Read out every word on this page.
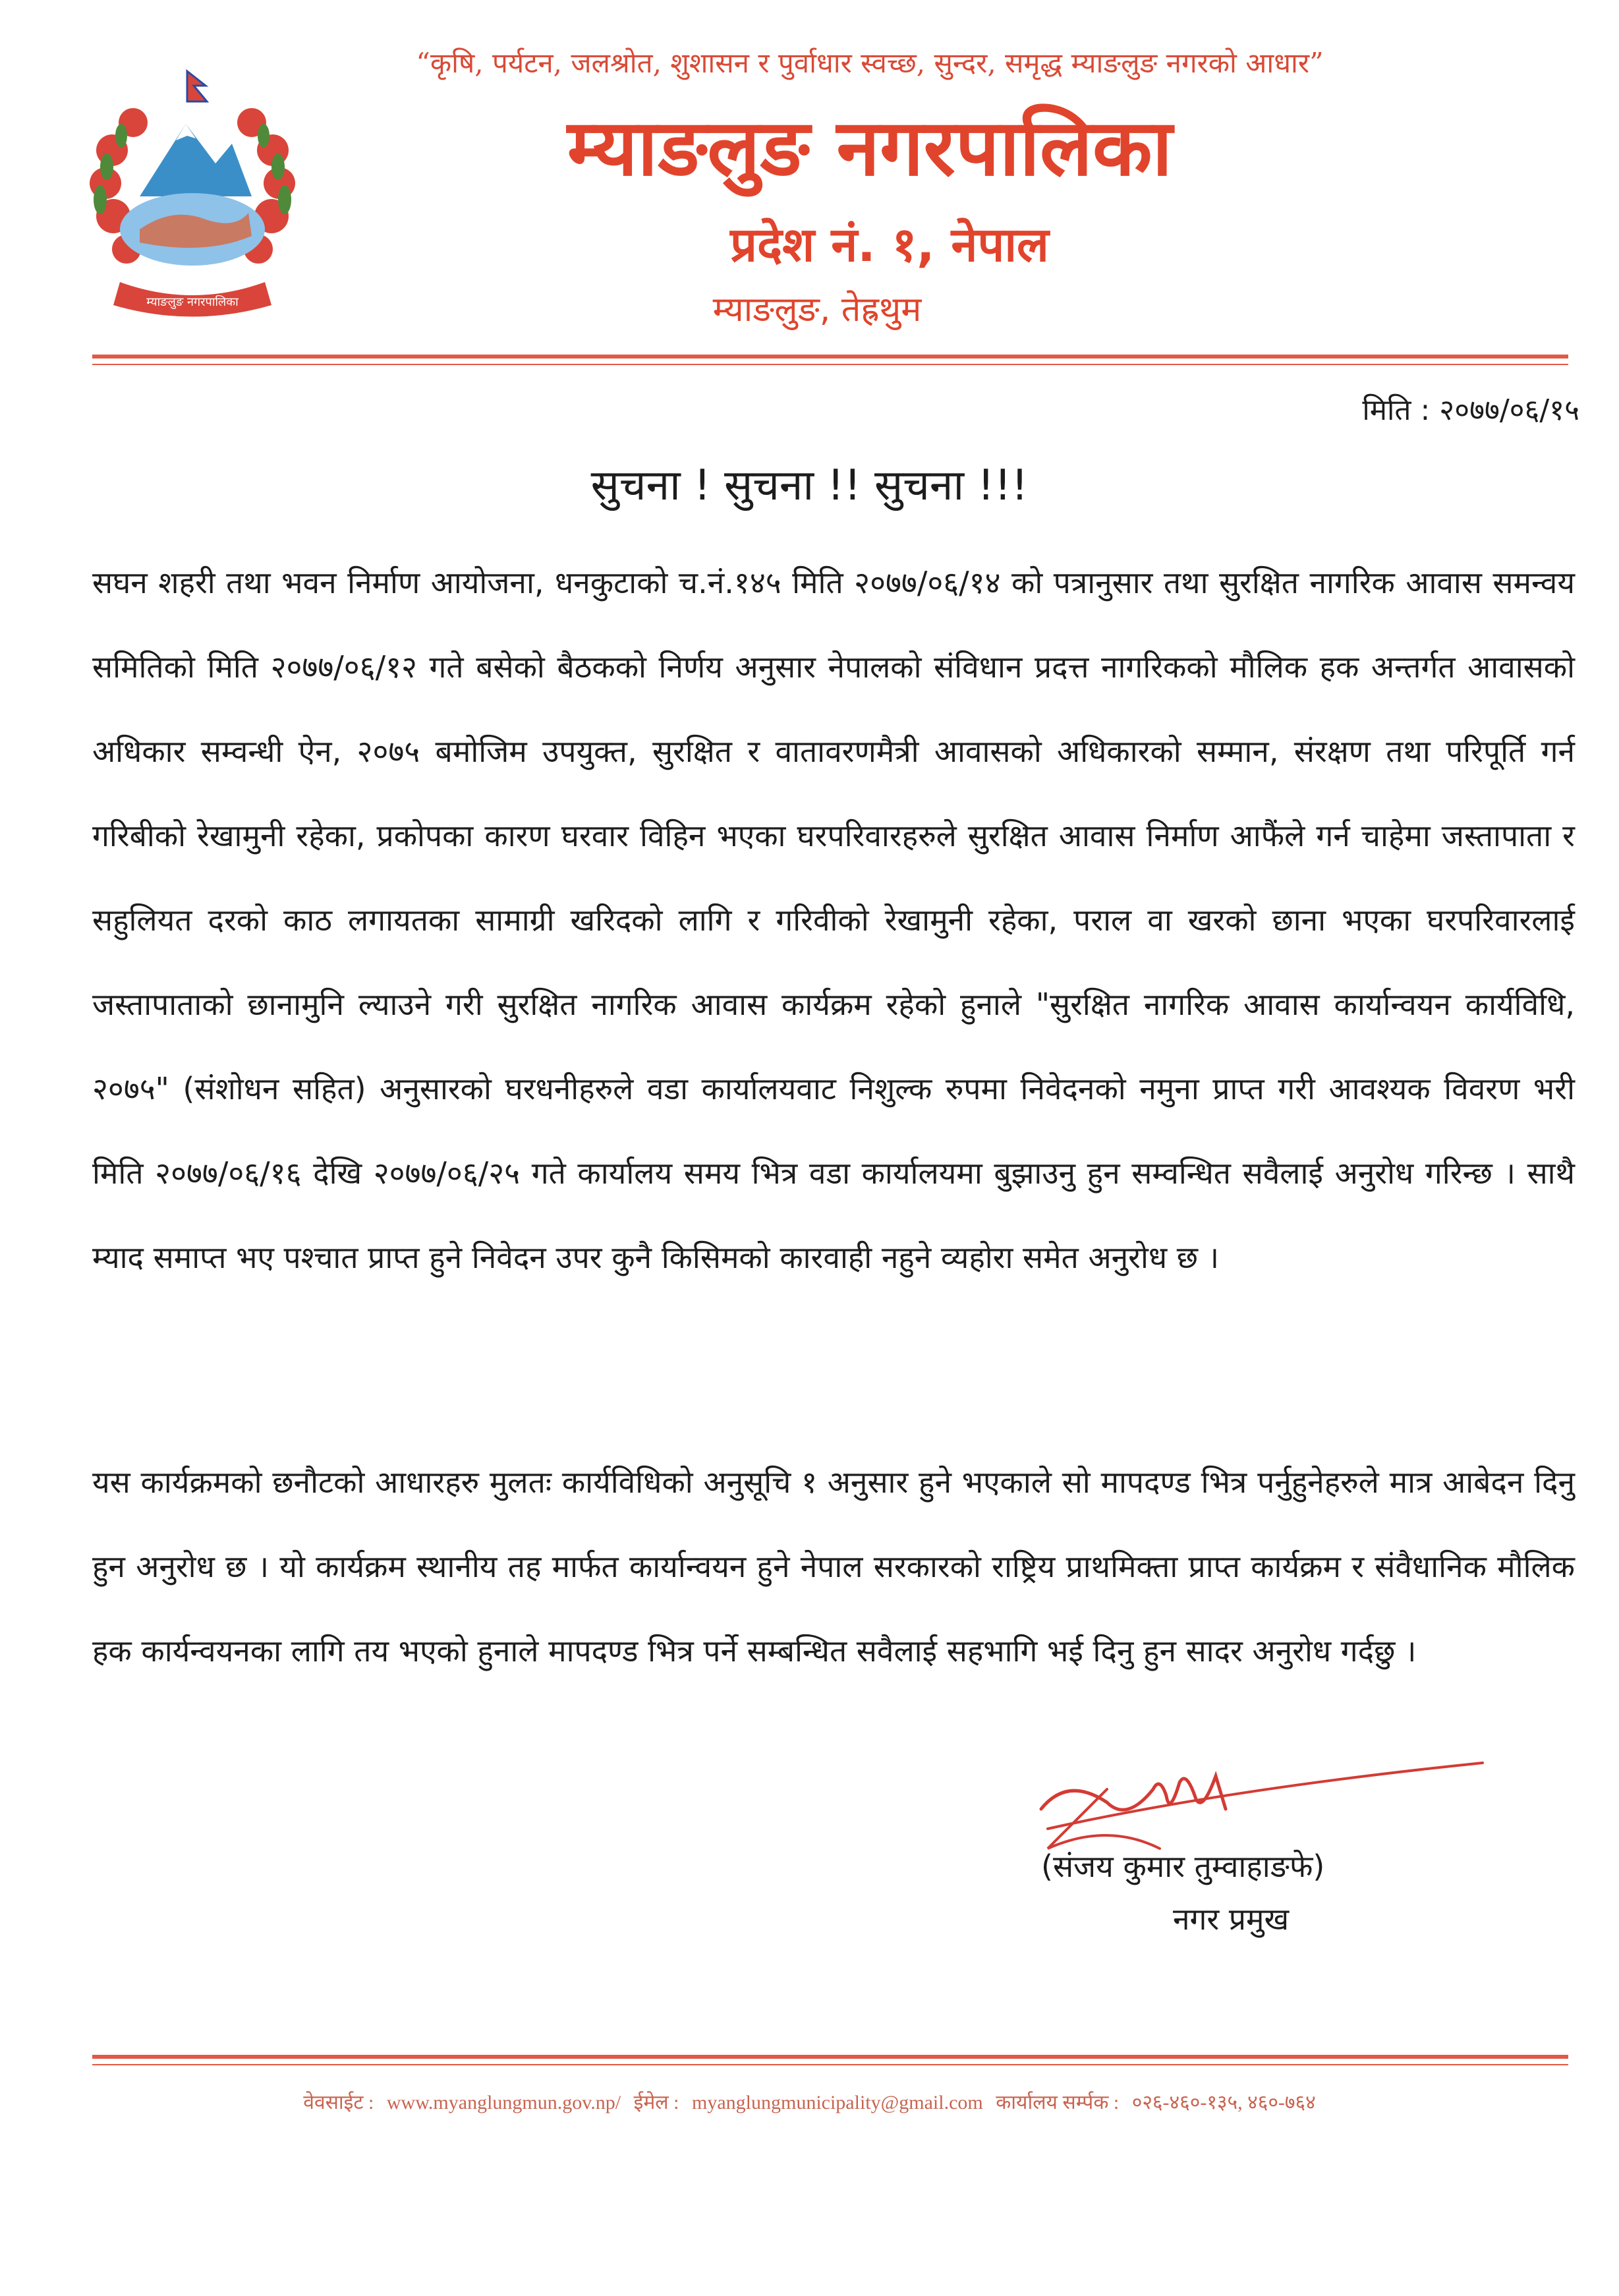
म्याङलुङ नगरपालिका
“कृषि, पर्यटन, जलश्रोत, शुशासन र पुर्वाधार स्वच्छ, सुन्दर, समृद्ध म्याङलुङ नगरको आधार”
म्याङलुङ नगरपालिका
प्रदेश नं. १, नेपाल
म्याङलुङ, तेह्रथुम
मिति : २०७७/०६/१५
सुचना ! सुचना !! सुचना !!!
सघन शहरी तथा भवन निर्माण आयोजना, धनकुटाको च.नं.१४५ मिति २०७७/०६/१४ को पत्रानुसार तथा सुरक्षित नागरिक आवास समन्वय समितिको मिति २०७७/०६/१२ गते बसेको बैठकको निर्णय अनुसार नेपालको संविधान प्रदत्त नागरिकको मौलिक हक अन्तर्गत आवासको अधिकार सम्वन्धी ऐन, २०७५ बमोजिम उपयुक्त, सुरक्षित र वातावरणमैत्री आवासको अधिकारको सम्मान, संरक्षण तथा परिपूर्ति गर्न गरिबीको रेखामुनी रहेका, प्रकोपका कारण घरवार विहिन भएका घरपरिवारहरुले सुरक्षित आवास निर्माण आफैंले गर्न चाहेमा जस्तापाता र सहुलियत दरको काठ लगायतका सामाग्री खरिदको लागि र गरिवीको रेखामुनी रहेका, पराल वा खरको छाना भएका घरपरिवारलाई जस्तापाताको छानामुनि ल्याउने गरी सुरक्षित नागरिक आवास कार्यक्रम रहेको हुनाले "सुरक्षित नागरिक आवास कार्यान्वयन कार्यविधि, २०७५" (संशोधन सहित) अनुसारको घरधनीहरुले वडा कार्यालयवाट निशुल्क रुपमा निवेदनको नमुना प्राप्त गरी आवश्यक विवरण भरी मिति २०७७/०६/१६ देखि २०७७/०६/२५ गते कार्यालय समय भित्र वडा कार्यालयमा बुझाउनु हुन सम्वन्धित सवैलाई अनुरोध गरिन्छ । साथै म्याद समाप्त भए पश्चात प्राप्त हुने निवेदन उपर कुनै किसिमको कारवाही नहुने व्यहोरा समेत अनुरोध छ ।
यस कार्यक्रमको छनौटको आधारहरु मुलतः कार्यविधिको अनुसूचि १ अनुसार हुने भएकाले सो मापदण्ड भित्र पर्नुहुनेहरुले मात्र आबेदन दिनु हुन अनुरोध छ । यो कार्यक्रम स्थानीय तह मार्फत कार्यान्वयन हुने नेपाल सरकारको राष्ट्रिय प्राथमिक्ता प्राप्त कार्यक्रम र संवैधानिक मौलिक हक कार्यन्वयनका लागि तय भएको हुनाले मापदण्ड भित्र पर्ने सम्बन्धित सवैलाई सहभागि भई दिनु हुन सादर अनुरोध गर्दछु ।
(संजय कुमार तुम्वाहाङफे)
नगर प्रमुख
वेवसाईट : www.myanglungmun.gov.np/ ईमेल : myanglungmunicipality@gmail.com कार्यालय सर्म्पक : ०२६-४६०-१३५, ४६०-७६४
